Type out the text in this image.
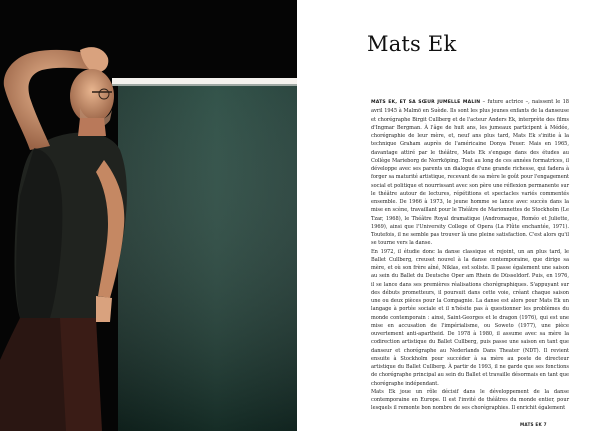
Mats Ek

MATS EK, ET SA SŒUR JUMELLE MALIN – future actrice –, naissent le 18 avril 1945 à Malmö en Suède. Ils sont les plus jeunes enfants de la danseuse et chorégraphe Birgit Cullberg et de l'acteur Anders Ek, interprète des films d'Ingmar Bergman. À l'âge de huit ans, les jumeaux participent à Médée, chorégraphie de leur mère, et, neuf ans plus tard, Mats Ek s'initie à la technique Graham auprès de l'américaine Donya Feuer. Mais en 1965, davantage attiré par le théâtre, Mats Ek s'engage dans des études au Collège Marieborg de Norrköping. Tout au long de ces années formatrices, il développe avec ses parents un dialogue d'une grande richesse, qui fadera à forger sa maturité artistique, recevant de sa mère le goût pour l'engagement social et politique et nourrissant avec son père une réflexion permanente sur le théâtre autour de lectures, répétitions et spectacles variés commentés ensemble. De 1966 à 1973, le jeune homme se lance avec succès dans la mise en scène, travaillant pour le Théâtre de Marionnettes de Stockholm (Le Tzar, 1968), le Théâtre Royal dramatique (Andromaque, Roméo et Juliette, 1969), ainsi que l'University College of Opera (La Flûte enchantée, 1971). Toutefois, il ne semble pas trouver là une pleine satisfaction. C'est alors qu'il se tourne vers la danse.

En 1972, il étudie donc la danse classique et rejoint, un an plus tard, le Ballet Cullberg, creuset nouvel à la danse contemporaine, que dirige sa mère, et où son frère aîné, Niklas, est soliste. Il passe également une saison au sein du Ballet du Deutsche Oper am Rhein de Düsseldorf. Puis, en 1976, il se lance dans ses premières réalisations chorégraphiques. S'appuyant sur des débuts prometteurs, il poursuit dans cette voie, créant chaque saison une ou deux pièces pour la Compagnie. La danse est alors pour Mats Ek un langage à portée sociale et il n'hésite pas à questionner les problèmes du monde contemporain : ainsi, Saint-Georges et le dragon (1976), qui est une mise en accusation de l'impérialisme, ou Soweto (1977), une pièce ouvertement anti-apartheid. De 1978 à 1980, il assume avec sa mère la codirection artistique du Ballet Cullberg, puis passe une saison en tant que danseur et chorégraphe au Nederlands Dans Theater (NDT). Il revient ensuite à Stockholm pour succéder à sa mère au poste de directeur artistique du Ballet Cullberg. À partir de 1993, il ne garde que ses fonctions de chorégraphe principal au sein du Ballet et travaille désormais en tant que chorégraphe indépendant.

Mats Ek joue un rôle décisif dans le développement de la danse contemporaine en Europe. Il est l'invité de théâtres du monde entier, pour lesquels il remonte bon nombre de ses chorégraphies. Il enrichit également

MATS EK 7
